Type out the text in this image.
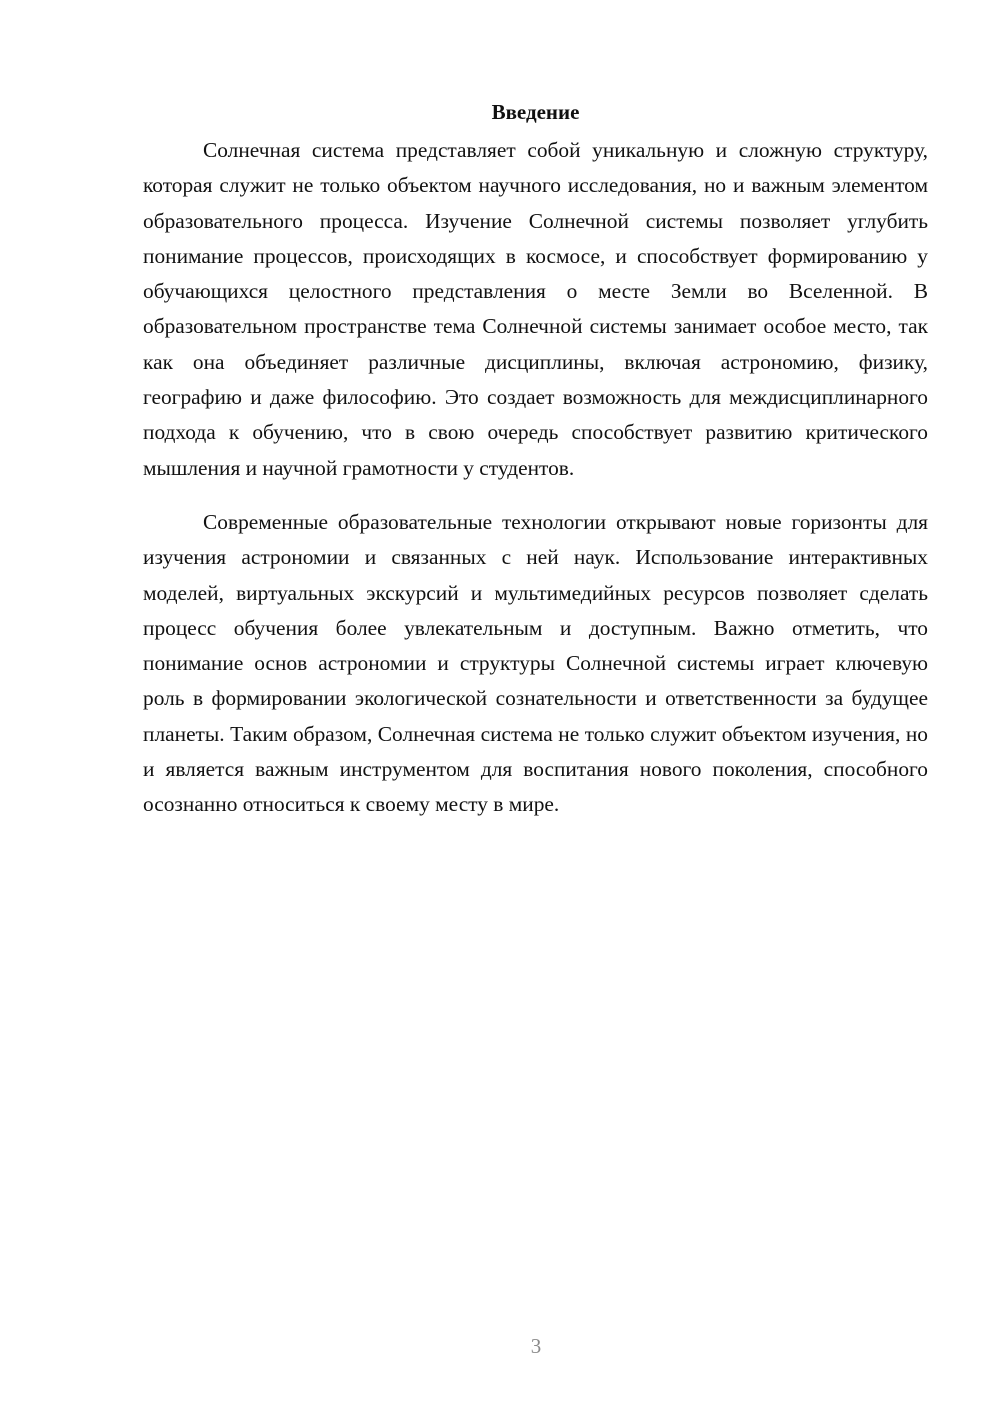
Введение

Солнечная система представляет собой уникальную и сложную структуру, которая служит не только объектом научного исследования, но и важным элементом образовательного процесса. Изучение Солнечной системы позволяет углубить понимание процессов, происходящих в космосе, и способствует формированию у обучающихся целостного представления о месте Земли во Вселенной. В образовательном пространстве тема Солнечной системы занимает особое место, так как она объединяет различные дисциплины, включая астрономию, физику, географию и даже философию. Это создает возможность для междисциплинарного подхода к обучению, что в свою очередь способствует развитию критического мышления и научной грамотности у студентов.

Современные образовательные технологии открывают новые горизонты для изучения астрономии и связанных с ней наук. Использование интерактивных моделей, виртуальных экскурсий и мультимедийных ресурсов позволяет сделать процесс обучения более увлекательным и доступным. Важно отметить, что понимание основ астрономии и структуры Солнечной системы играет ключевую роль в формировании экологической сознательности и ответственности за будущее планеты. Таким образом, Солнечная система не только служит объектом изучения, но и является важным инструментом для воспитания нового поколения, способного осознанно относиться к своему месту в мире.

3
